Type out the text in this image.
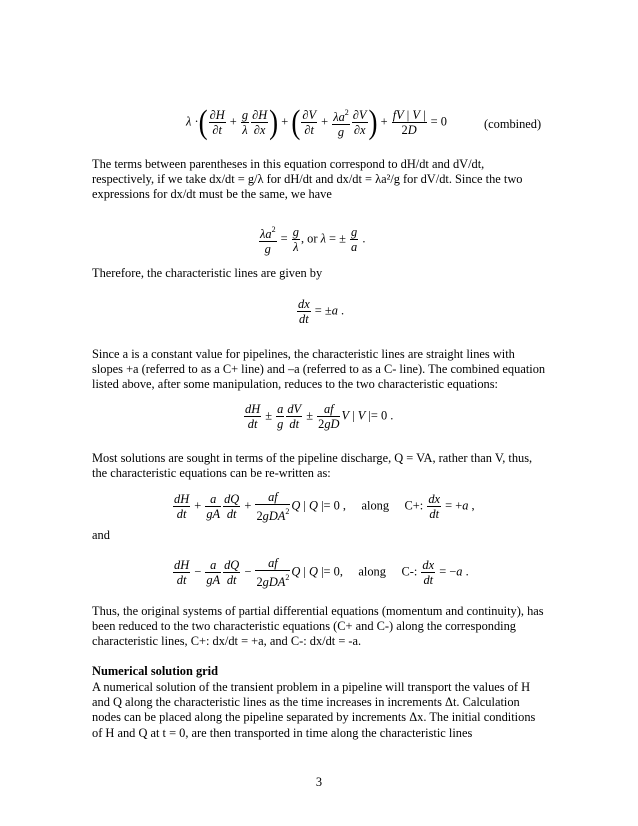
λ ·( $\frac{\partial H}{\partial t} + \frac{g}{\lambda} \frac{\partial H}{\partial x}$ ) + ( $\frac{\partial V}{\partial t} + \frac{\lambda a^2}{g} \frac{\partial V}{\partial x}$ ) + $\frac{fV | V |}{2D} = 0$	(combined)
The terms between parentheses in this equation correspond to dH/dt and dV/dt, respectively, if we take dx/dt = g/λ for dH/dt and dx/dt = λa²/g for dV/dt. Since the two expressions for dx/dt must be the same, we have
$\frac{\lambda a^2}{g} = \frac{g}{\lambda}$ , or λ = ± $\frac{g}{a}$ .
Therefore, the characteristic lines are given by
$\frac{dx}{dt} = \pm a$ .
Since a is a constant value for pipelines, the characteristic lines are straight lines with slopes +a (referred to as a C+ line) and –a (referred to as a C- line). The combined equation listed above, after some manipulation, reduces to the two characteristic equations:
$\frac{dH}{dt} \pm \frac{a}{g} \frac{dV}{dt} \pm \frac{af}{2gD}$ V | V |= 0 .
Most solutions are sought in terms of the pipeline discharge, Q = VA, rather than V, thus, the characteristic equations can be re-written as:
$\frac{dH}{dt} + \frac{a}{gA} \frac{dQ}{dt}$ +
af
2gDA$^2$ Q | Q |= 0 ,     along C+: $\frac{dx}{dt} = +a$ ,
and
$\frac{dH}{dt} - \frac{a}{gA} \frac{dQ}{dt}$ −
af
2gDA$^2$ Q | Q |= 0,     along C-: $\frac{dx}{dt} = -a$ .
Thus, the original systems of partial differential equations (momentum and continuity), has been reduced to the two characteristic equations (C+ and C-) along the corresponding characteristic lines, C+: dx/dt = +a, and C-: dx/dt = -a.
Numerical solution grid
A numerical solution of the transient problem in a pipeline will transport the values of H and Q along the characteristic lines as the time increases in increments Δt. Calculation nodes can be placed along the pipeline separated by increments Δx. The initial conditions of H and Q at t = 0, are then transported in time along the characteristic lines
3
